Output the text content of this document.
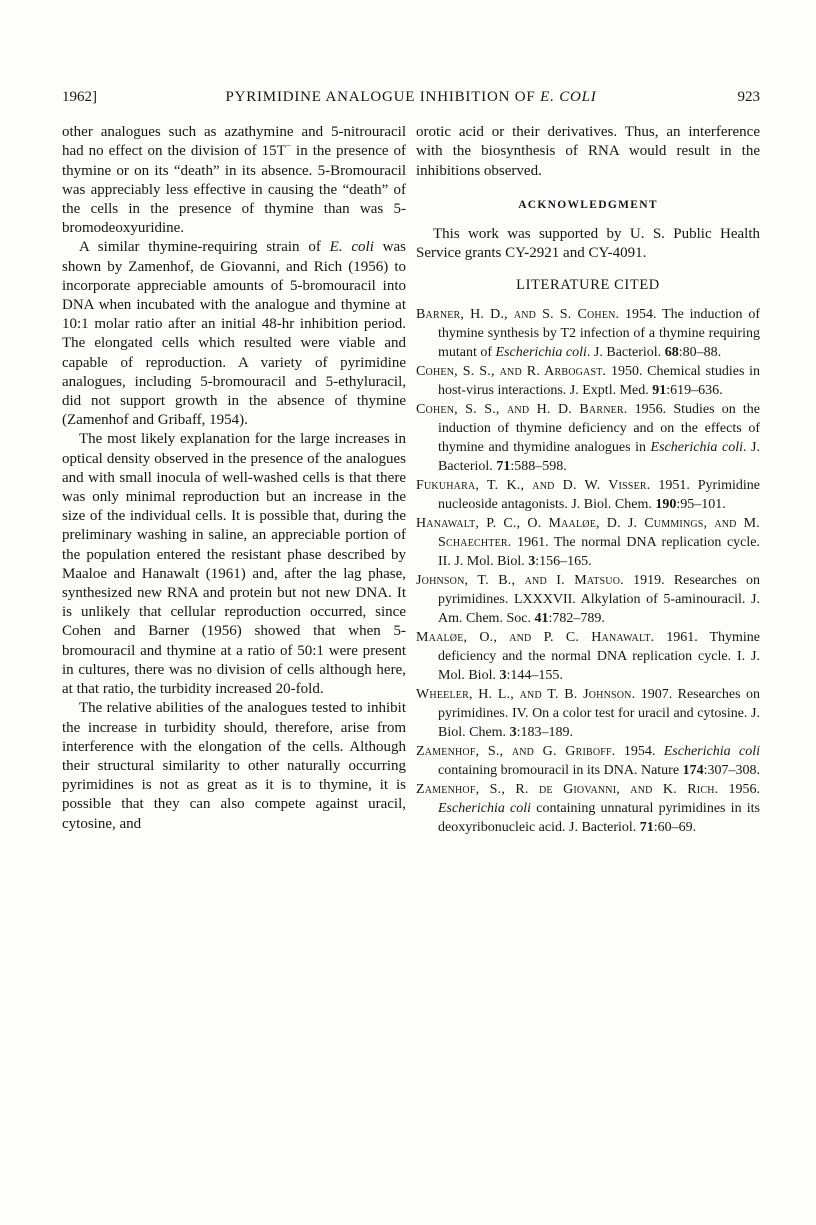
1962]	PYRIMIDINE ANALOGUE INHIBITION OF E. COLI	923

other analogues such as azathymine and 5-nitrouracil had no effect on the division of 15T− in the presence of thymine or on its “death” in its absence. 5-Bromouracil was appreciably less effective in causing the “death” of the cells in the presence of thymine than was 5-bromodeoxyuridine.

A similar thymine-requiring strain of E. coli was shown by Zamenhof, de Giovanni, and Rich (1956) to incorporate appreciable amounts of 5-bromouracil into DNA when incubated with the analogue and thymine at 10:1 molar ratio after an initial 48-hr inhibition period. The elongated cells which resulted were viable and capable of reproduction. A variety of pyrimidine analogues, including 5-bromouracil and 5-ethyluracil, did not support growth in the absence of thymine (Zamenhof and Gribaff, 1954).

The most likely explanation for the large increases in optical density observed in the presence of the analogues and with small inocula of well-washed cells is that there was only minimal reproduction but an increase in the size of the individual cells. It is possible that, during the preliminary washing in saline, an appreciable portion of the population entered the resistant phase described by Maaloe and Hanawalt (1961) and, after the lag phase, synthesized new RNA and protein but not new DNA. It is unlikely that cellular reproduction occurred, since Cohen and Barner (1956) showed that when 5-bromouracil and thymine at a ratio of 50:1 were present in cultures, there was no division of cells although here, at that ratio, the turbidity increased 20-fold.

The relative abilities of the analogues tested to inhibit the increase in turbidity should, therefore, arise from interference with the elongation of the cells. Although their structural similarity to other naturally occurring pyrimidines is not as great as it is to thymine, it is possible that they can also compete against uracil, cytosine, and

orotic acid or their derivatives. Thus, an interference with the biosynthesis of RNA would result in the inhibitions observed.

ACKNOWLEDGMENT

This work was supported by U. S. Public Health Service grants CY-2921 and CY-4091.

LITERATURE CITED

Barner, H. D., and S. S. Cohen. 1954. The induction of thymine synthesis by T2 infection of a thymine requiring mutant of Escherichia coli. J. Bacteriol. 68:80–88.

Cohen, S. S., and R. Arbogast. 1950. Chemical studies in host-virus interactions. J. Exptl. Med. 91:619–636.

Cohen, S. S., and H. D. Barner. 1956. Studies on the induction of thymine deficiency and on the effects of thymine and thymidine analogues in Escherichia coli. J. Bacteriol. 71:588–598.

Fukuhara, T. K., and D. W. Visser. 1951. Pyrimidine nucleoside antagonists. J. Biol. Chem. 190:95–101.

Hanawalt, P. C., O. Maaløe, D. J. Cummings, and M. Schaechter. 1961. The normal DNA replication cycle. II. J. Mol. Biol. 3:156–165.

Johnson, T. B., and I. Matsuo. 1919. Researches on pyrimidines. LXXXVII. Alkylation of 5-aminouracil. J. Am. Chem. Soc. 41:782–789.

Maaløe, O., and P. C. Hanawalt. 1961. Thymine deficiency and the normal DNA replication cycle. I. J. Mol. Biol. 3:144–155.

Wheeler, H. L., and T. B. Johnson. 1907. Researches on pyrimidines. IV. On a color test for uracil and cytosine. J. Biol. Chem. 3:183–189.

Zamenhof, S., and G. Griboff. 1954. Escherichia coli containing bromouracil in its DNA. Nature 174:307–308.

Zamenhof, S., R. de Giovanni, and K. Rich. 1956. Escherichia coli containing unnatural pyrimidines in its deoxyribonucleic acid. J. Bacteriol. 71:60–69.
